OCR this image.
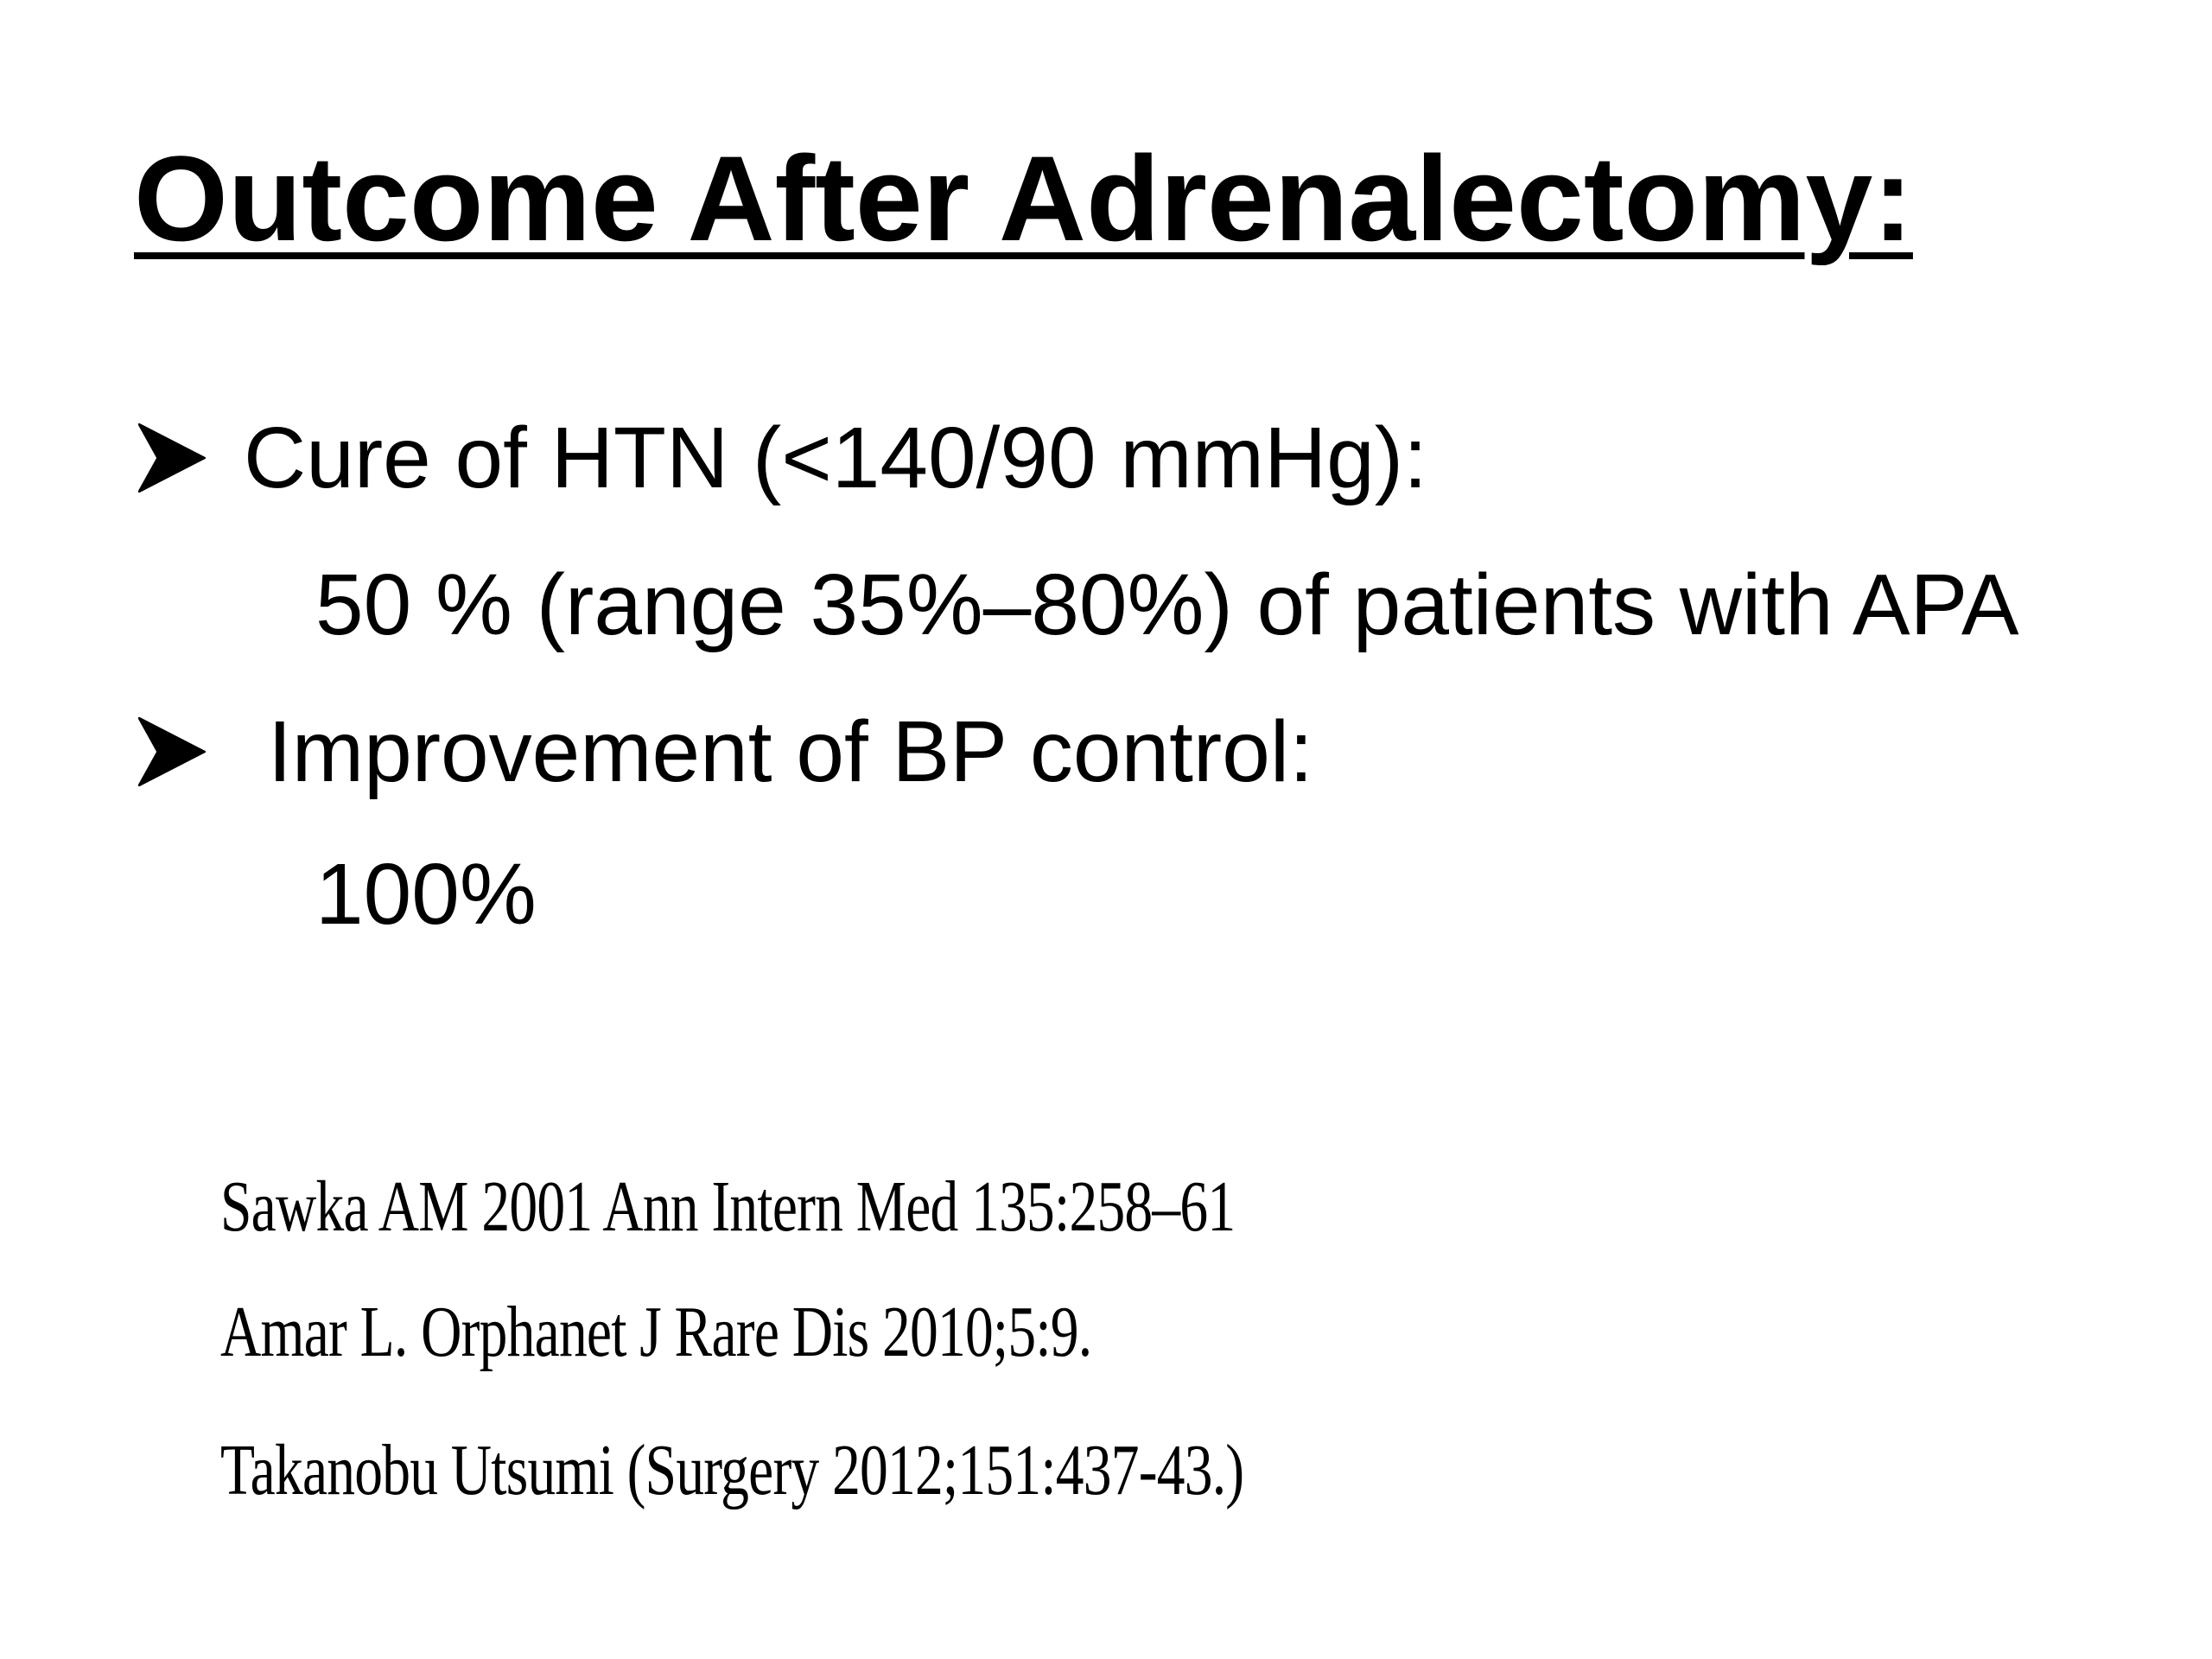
Outcome After Adrenalectomy:
Cure of HTN (<140/90 mmHg):
50 % (range 35%–80%) of patients with APA
Improvement of BP control:
100%
Sawka AM 2001 Ann Intern Med 135:258–61
Amar L. Orphanet J Rare Dis 2010;5:9.
Takanobu Utsumi (Surgery 2012;151:437-43.)
